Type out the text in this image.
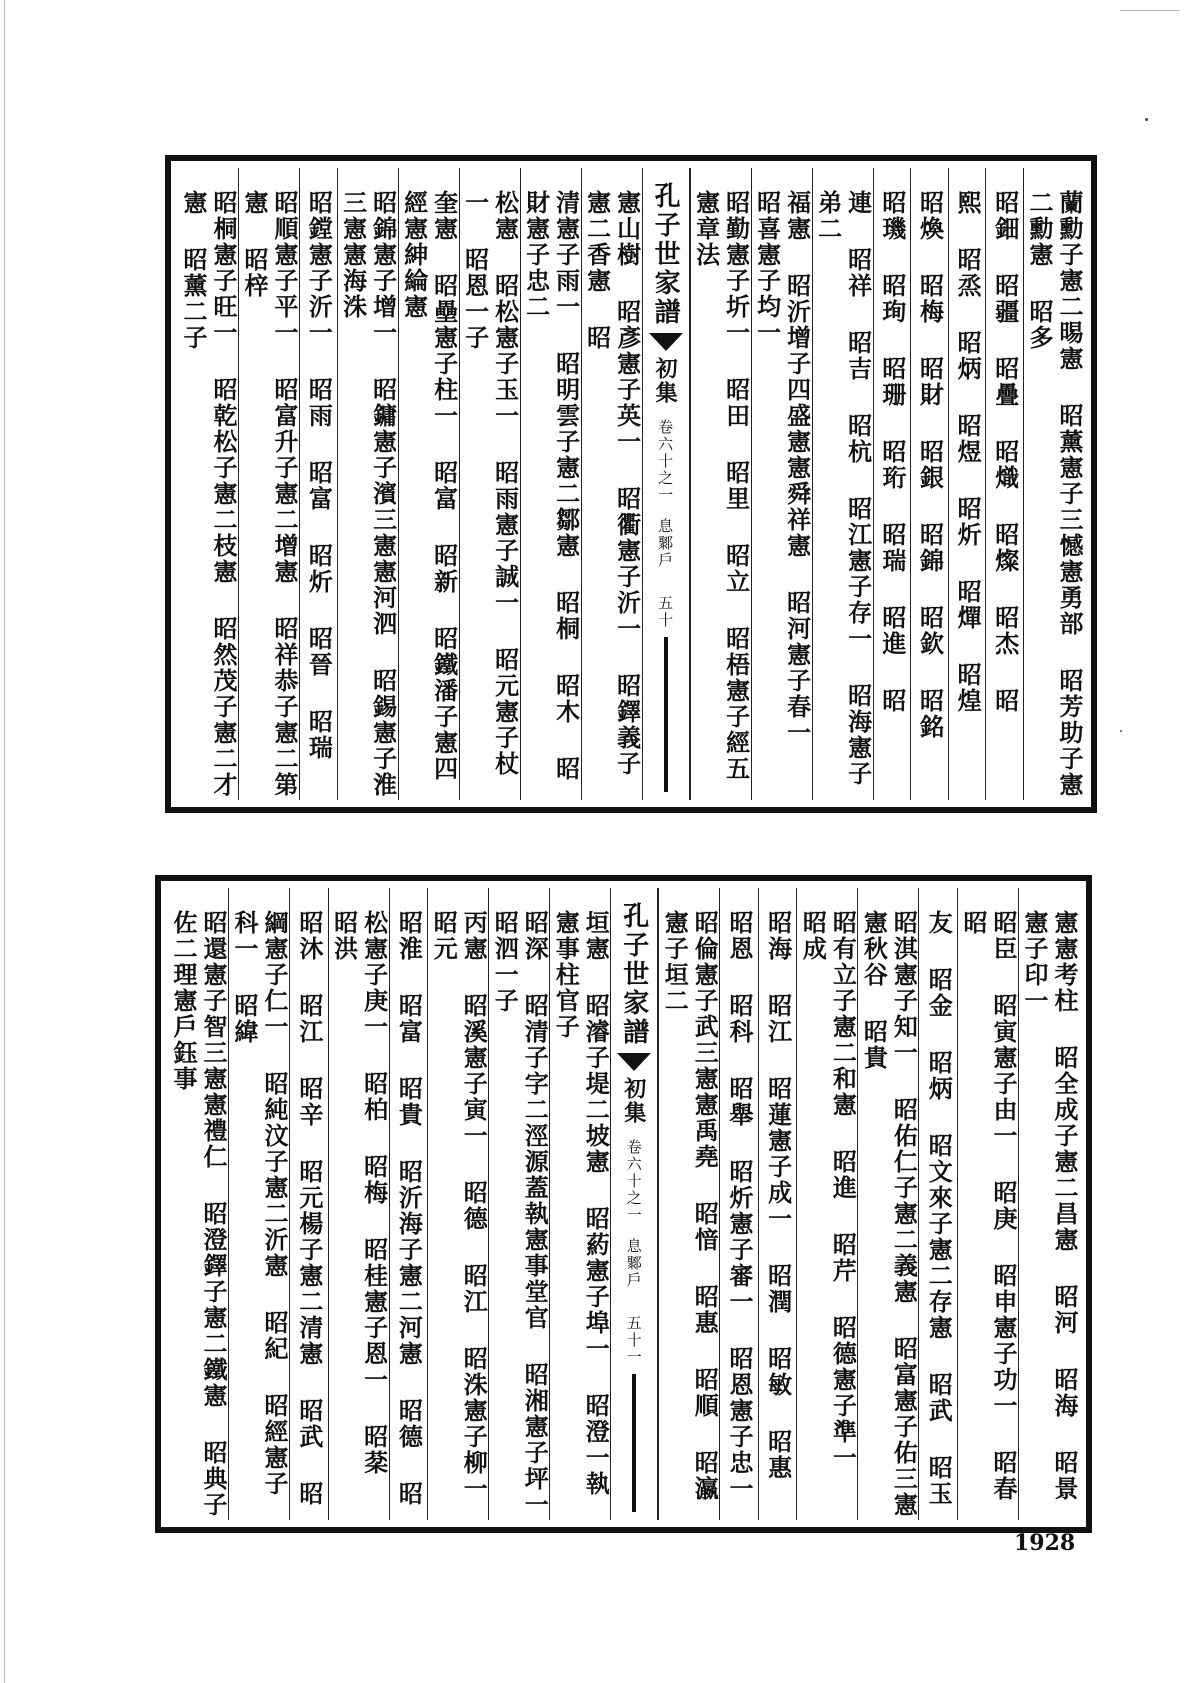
蘭勳子憲二晹憲 昭薰憲子三憾憲勇部 昭芳助子憲二勳憲 昭多
昭鈿 昭疆 昭疊 昭熾 昭燦 昭杰 昭
熙 昭烝 昭炳 昭煜 昭炘 昭燀 昭煌
昭煥 昭梅 昭財 昭銀 昭錦 昭欽 昭銘
昭璣 昭珣 昭珊 昭珩 昭瑞 昭進 昭
連 昭祥 昭吉 昭杭 昭江憲子存一 昭海憲子弟二
福憲 昭沂增子四盛憲憲舜祥憲 昭河憲子春一 昭喜憲子均一
昭勤憲子圻一 昭田 昭里 昭立 昭梧憲子經五憲章法
孔子世家譜
初集
卷六十之一
息鄹戶
五十
憲山樹 昭彥憲子英一 昭衢憲子沂一 昭鐸義子憲二香憲 昭
清憲子雨一 昭明雲子憲二鄒憲 昭桐 昭木 昭財憲子忠二
松憲 昭松憲子玉一 昭雨憲子誠一 昭元憲子杖一 昭恩一子
奎憲 昭壘憲子柱一 昭富 昭新 昭鐵潘子憲四經憲紳綸憲
昭錦憲子增一 昭鏞憲子濱三憲憲河泗 昭錫憲子淮三憲憲海洙
昭鏜憲子沂一 昭雨 昭富 昭炘 昭晉 昭瑞
昭順憲子平一 昭富升子憲二增憲 昭祥恭子憲二第憲 昭梓
昭桐憲子旺一 昭乾松子憲二枝憲 昭然茂子憲二才憲 昭薰二子
憲憲考柱 昭全成子憲二昌憲 昭河 昭海 昭景憲子印一
昭臣 昭寅憲子由一 昭庚 昭申憲子功一 昭春 昭
友 昭金 昭炳 昭文來子憲二存憲 昭武 昭玉
昭淇憲子知一 昭佑仁子憲二義憲 昭富憲子佑三憲憲秋谷 昭貴
昭有立子憲二和憲 昭進 昭芹 昭德憲子準一 昭成
昭海 昭江 昭蓮憲子成一 昭潤 昭敏 昭惠
昭恩 昭科 昭舉 昭炘憲子審一 昭恩憲子忠一
昭倫憲子武三憲憲禹堯 昭愔 昭惠 昭順 昭瀛憲子垣二
孔子世家譜
初集
卷六十之一
息鄹戶
五十一
垣憲 昭濬子堤二坡憲 昭葯憲子埠一 昭澄一執憲事柱官子
昭深 昭清子字二涇源蓋執憲事堂官 昭湘憲子坪一 昭泗一子
丙憲 昭溪憲子寅一 昭德 昭江 昭洙憲子柳一 昭元
昭淮 昭富 昭貴 昭沂海子憲二河憲 昭德 昭
松憲子庚一 昭柏 昭梅 昭桂憲子恩一 昭棻 昭洪
昭沐 昭江 昭辛 昭元楊子憲二清憲 昭武 昭
綱憲子仁一 昭純汶子憲二沂憲 昭紀 昭經憲子科一 昭緯
昭還憲子智三憲憲禮仁 昭澄鐸子憲二鐵憲 昭典子佐二理憲戶鈺事
1928
